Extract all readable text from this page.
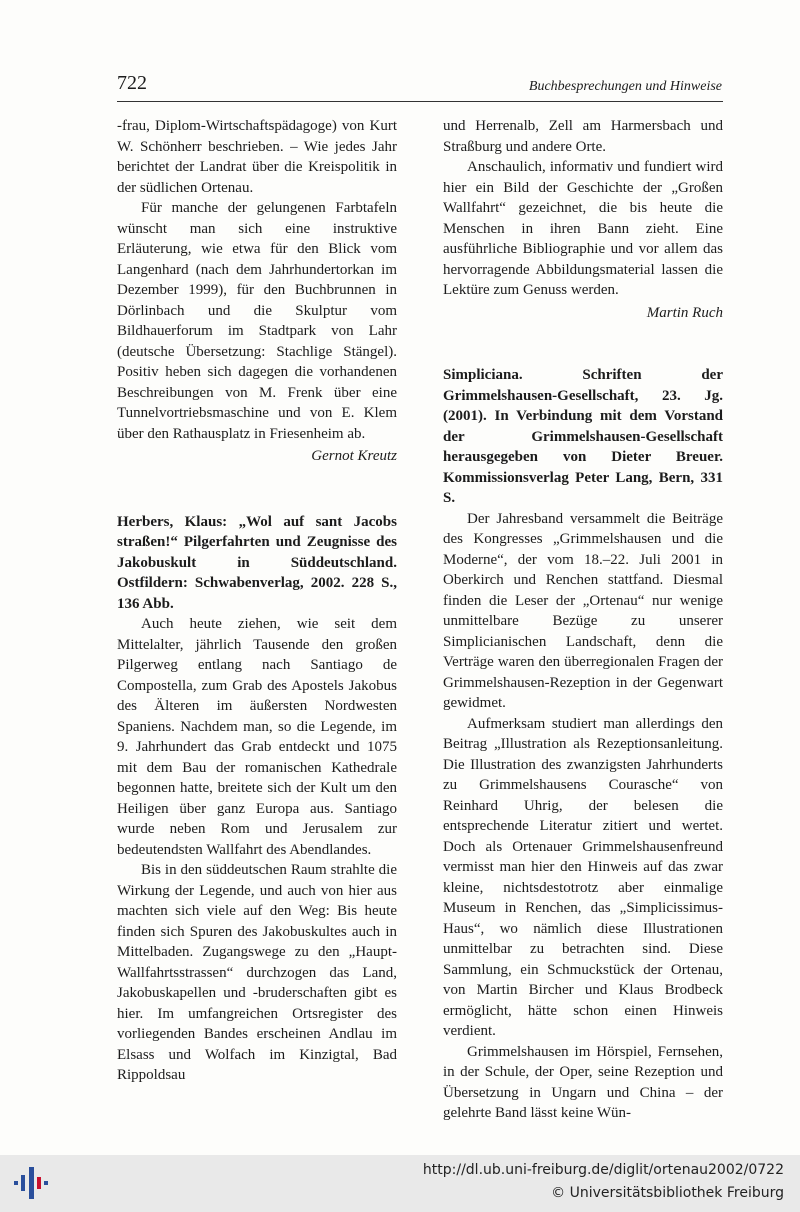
722	Buchbesprechungen und Hinweise

-frau, Diplom-Wirtschaftspädagoge) von Kurt W. Schönherr beschrieben. – Wie jedes Jahr berichtet der Landrat über die Kreispolitik in der südlichen Ortenau.

Für manche der gelungenen Farbtafeln wünscht man sich eine instruktive Erläuterung, wie etwa für den Blick vom Langenhard (nach dem Jahrhundertorkan im Dezember 1999), für den Buchbrunnen in Dörlinbach und die Skulptur vom Bildhauerforum im Stadtpark von Lahr (deutsche Übersetzung: Stachlige Stängel). Positiv heben sich dagegen die vorhandenen Beschreibungen von M. Frenk über eine Tunnelvortriebsmaschine und von E. Klem über den Rathausplatz in Friesenheim ab.

Gernot Kreutz

Herbers, Klaus: „Wol auf sant Jacobs straßen!“ Pilgerfahrten und Zeugnisse des Jakobuskult in Süddeutschland. Ostfildern: Schwabenverlag, 2002. 228 S., 136 Abb.

Auch heute ziehen, wie seit dem Mittelalter, jährlich Tausende den großen Pilgerweg entlang nach Santiago de Compostella, zum Grab des Apostels Jakobus des Älteren im äußersten Nordwesten Spaniens. Nachdem man, so die Legende, im 9. Jahrhundert das Grab entdeckt und 1075 mit dem Bau der romanischen Kathedrale begonnen hatte, breitete sich der Kult um den Heiligen über ganz Europa aus. Santiago wurde neben Rom und Jerusalem zur bedeutendsten Wallfahrt des Abendlandes.

Bis in den süddeutschen Raum strahlte die Wirkung der Legende, und auch von hier aus machten sich viele auf den Weg: Bis heute finden sich Spuren des Jakobuskultes auch in Mittelbaden. Zugangswege zu den „Haupt-Wallfahrtsstrassen“ durchzogen das Land, Jakobuskapellen und -bruderschaften gibt es hier. Im umfangreichen Ortsregister des vorliegenden Bandes erscheinen Andlau im Elsass und Wolfach im Kinzigtal, Bad Rippoldsau

und Herrenalb, Zell am Harmersbach und Straßburg und andere Orte.

Anschaulich, informativ und fundiert wird hier ein Bild der Geschichte der „Großen Wallfahrt“ gezeichnet, die bis heute die Menschen in ihren Bann zieht. Eine ausführliche Bibliographie und vor allem das hervorragende Abbildungsmaterial lassen die Lektüre zum Genuss werden.

Martin Ruch

Simpliciana. Schriften der Grimmelshausen-Gesellschaft, 23. Jg. (2001). In Verbindung mit dem Vorstand der Grimmelshausen-Gesellschaft herausgegeben von Dieter Breuer. Kommissionsverlag Peter Lang, Bern, 331 S.

Der Jahresband versammelt die Beiträge des Kongresses „Grimmelshausen und die Moderne“, der vom 18.–22. Juli 2001 in Oberkirch und Renchen stattfand. Diesmal finden die Leser der „Ortenau“ nur wenige unmittelbare Bezüge zu unserer Simplicianischen Landschaft, denn die Verträge waren den überregionalen Fragen der Grimmelshausen-Rezeption in der Gegenwart gewidmet.

Aufmerksam studiert man allerdings den Beitrag „Illustration als Rezeptionsanleitung. Die Illustration des zwanzigsten Jahrhunderts zu Grimmelshausens Courasche“ von Reinhard Uhrig, der belesen die entsprechende Literatur zitiert und wertet. Doch als Ortenauer Grimmelshausenfreund vermisst man hier den Hinweis auf das zwar kleine, nichtsdestotrotz aber einmalige Museum in Renchen, das „Simplicissimus-Haus“, wo nämlich diese Illustrationen unmittelbar zu betrachten sind. Diese Sammlung, ein Schmuckstück der Ortenau, von Martin Bircher und Klaus Brodbeck ermöglicht, hätte schon einen Hinweis verdient.

Grimmelshausen im Hörspiel, Fernsehen, in der Schule, der Oper, seine Rezeption und Übersetzung in Ungarn und China – der gelehrte Band lässt keine Wün-

http://dl.ub.uni-freiburg.de/diglit/ortenau2002/0722
© Universitätsbibliothek Freiburg
